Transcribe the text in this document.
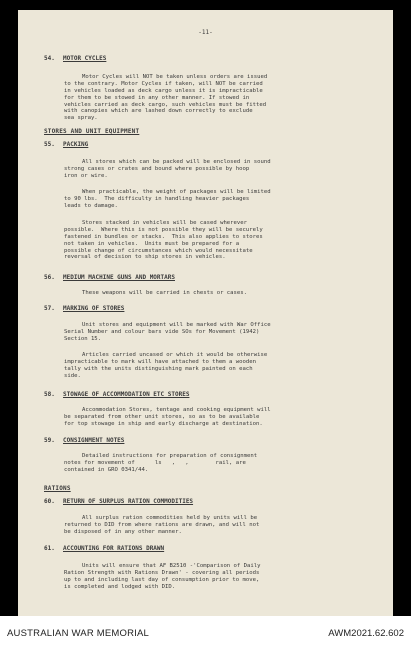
-11-
54. MOTOR CYCLES
Motor Cycles will NOT be taken unless orders are issued
to the contrary. Motor Cycles if taken, will NOT be carried
in vehicles loaded as deck cargo unless it is impracticable
for them to be stowed in any other manner. If stowed in
vehicles carried as deck cargo, such vehicles must be fitted
with canopies which are lashed down correctly to exclude
sea spray.
STORES AND UNIT EQUIPMENT
55. PACKING
All stores which can be packed will be enclosed in sound
strong cases or crates and bound where possible by hoop
iron or wire.
When practicable, the weight of packages will be limited
to 90 lbs.  The difficulty in handling heavier packages
leads to damage.
Stores stacked in vehicles will be cased wherever
possible.  Where this is not possible they will be securely
fastened in bundles or stacks.  This also applies to stores
not taken in vehicles.  Units must be prepared for a
possible change of circumstances which would necessitate
reversal of decision to ship stores in vehicles.
56. MEDIUM MACHINE GUNS AND MORTARS
These weapons will be carried in chests or cases.
57. MARKING OF STORES
Unit stores and equipment will be marked with War Office
Serial Number and colour bars vide SOs for Movement (1942)
Section 15.
Articles carried uncased or which it would be otherwise
impracticable to mark will have attached to them a wooden
tally with the units distinguishing mark painted on each
side.
58. STOWAGE OF ACCOMMODATION ETC STORES
Accommodation Stores, tentage and cooking equipment will
be separated from other unit stores, so as to be available
for top stowage in ship and early discharge at destination.
59. CONSIGNMENT NOTES
Detailed instructions for preparation of consignment
notes for movement of      ls   ,   ,        rail, are
contained in GRO 0341/44.
RATIONS
60. RETURN OF SURPLUS RATION COMMODITIES
All surplus ration commodities held by units will be
returned to DID from where rations are drawn, and will not
be disposed of in any other manner.
61. ACCOUNTING FOR RATIONS DRAWN
Units will ensure that AF B2510 -'Comparison of Daily
Ration Strength with Rations Drawn' - covering all periods
up to and including last day of consumption prior to move,
is completed and lodged with DID.
AUSTRALIAN WAR MEMORIAL	AWM2021.62.602
